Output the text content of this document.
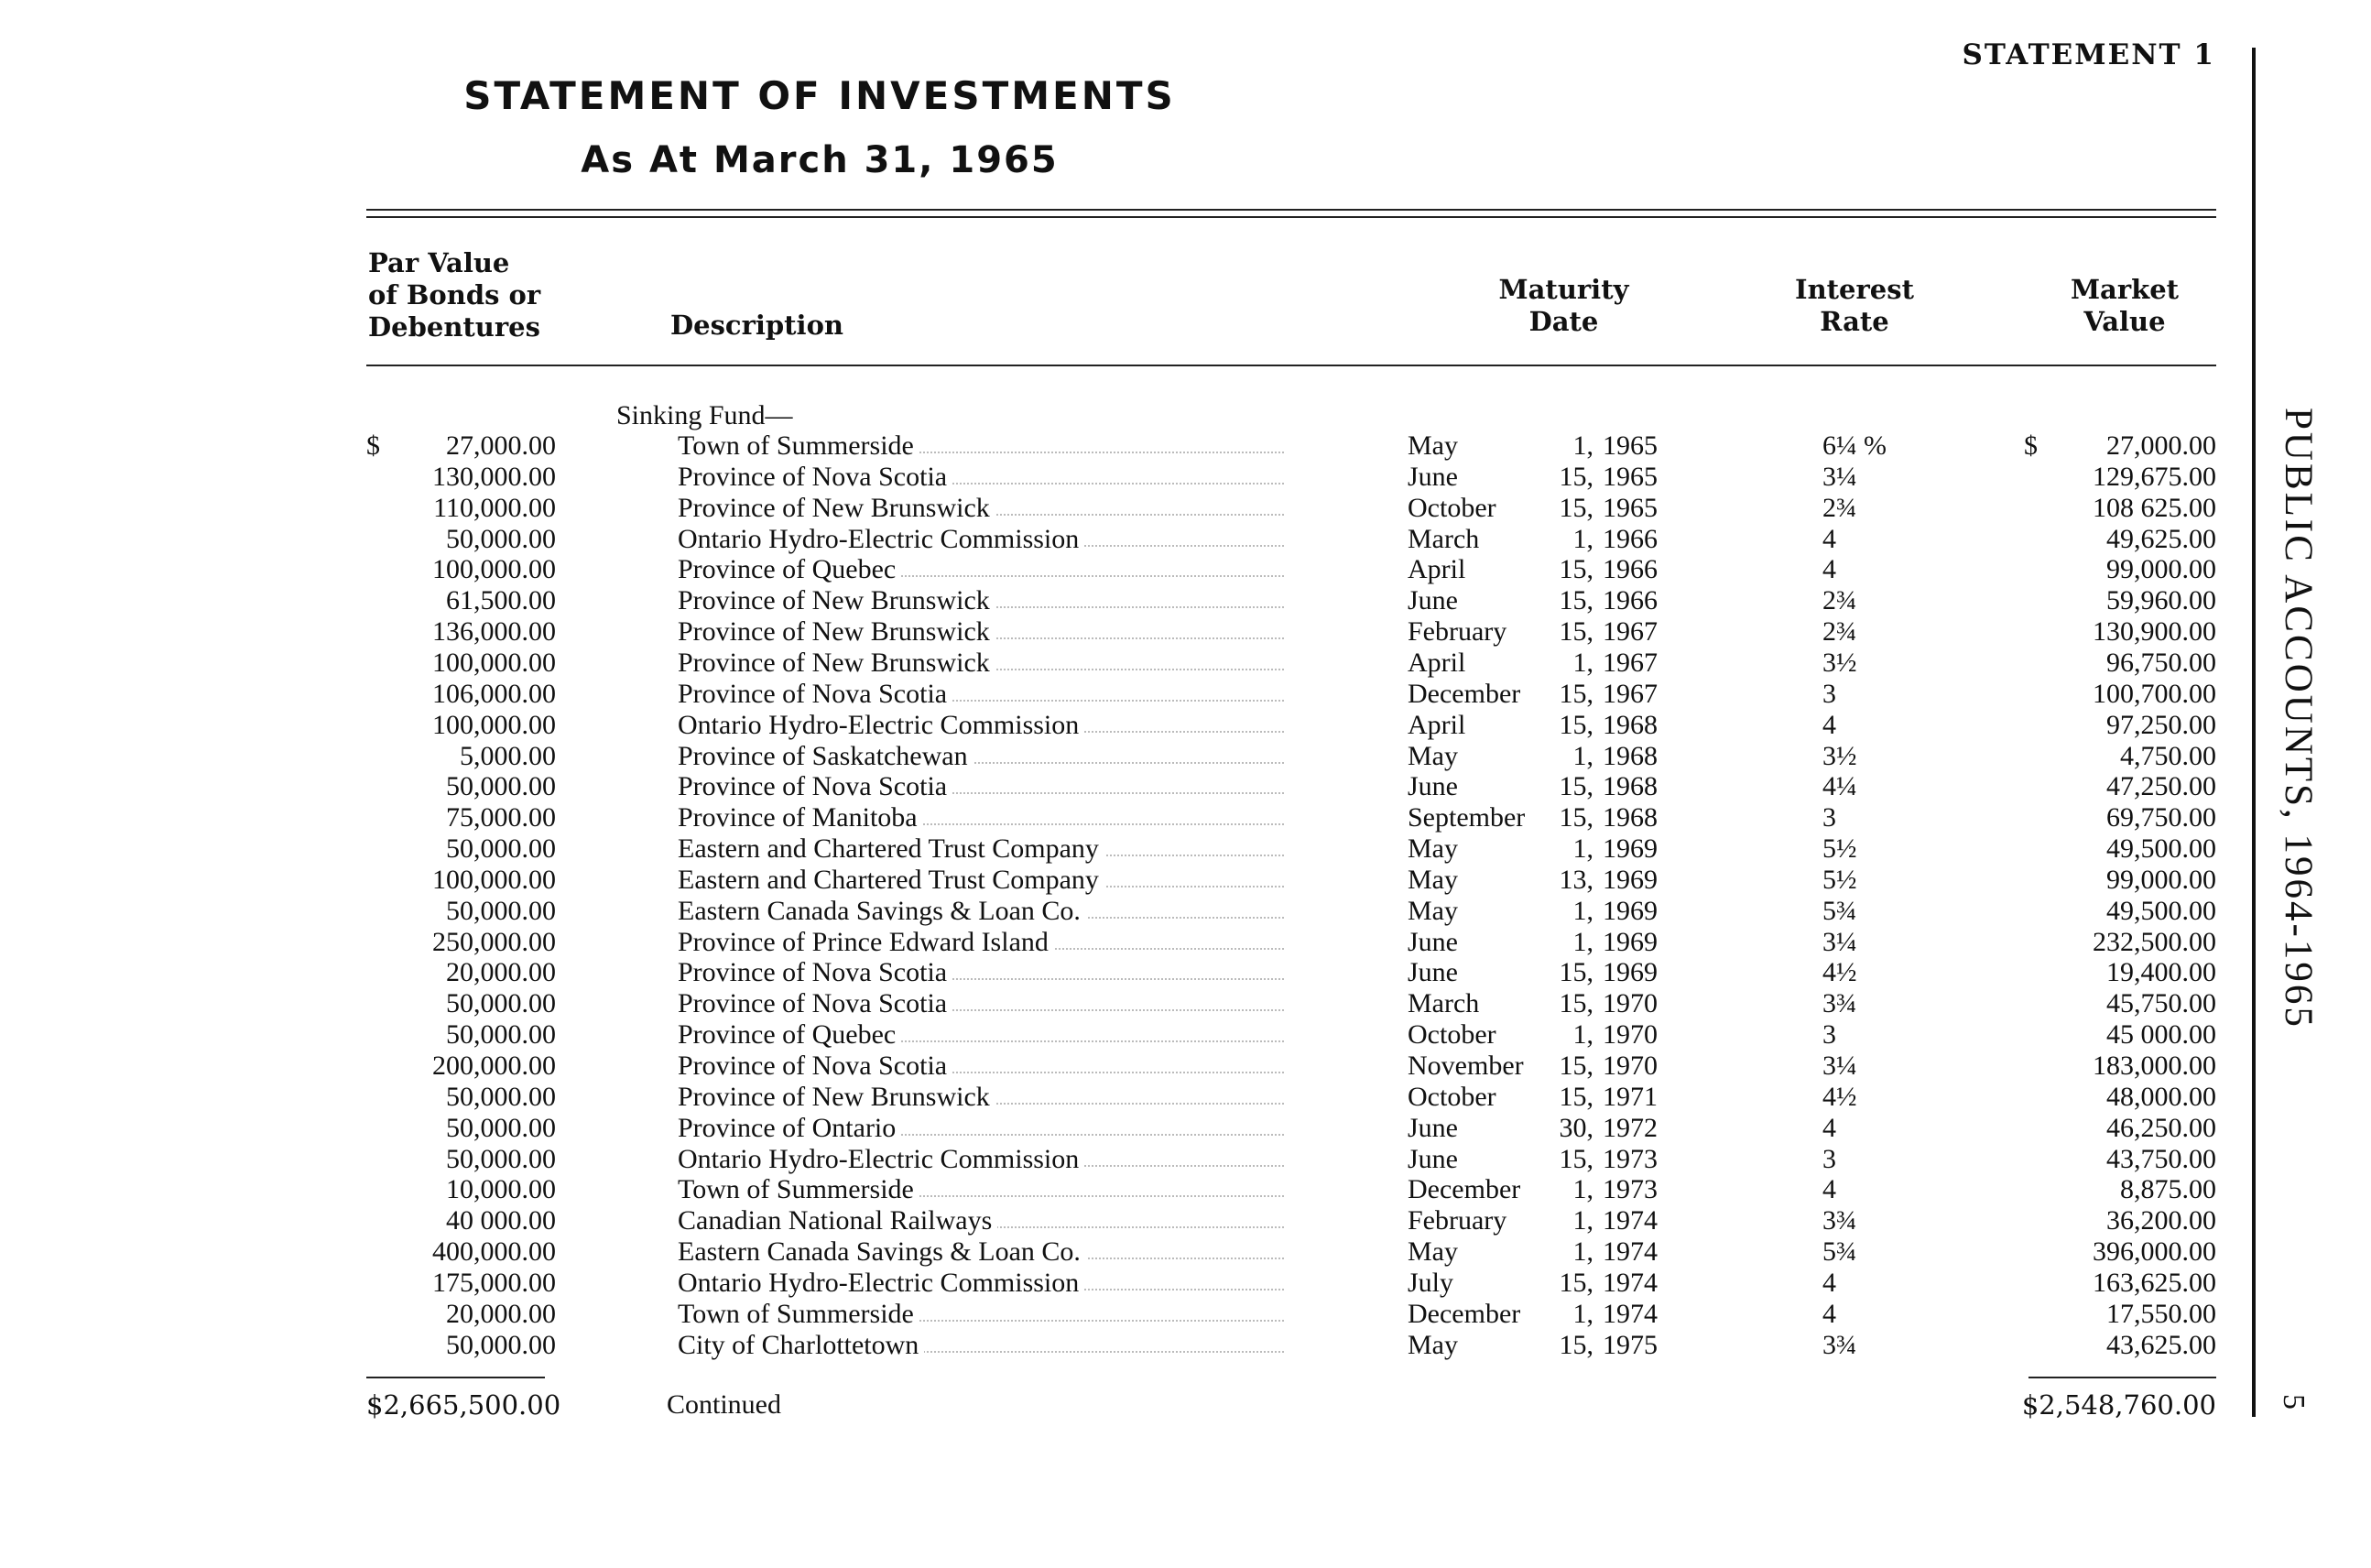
STATEMENT 1
STATEMENT OF INVESTMENTS
As At March 31, 1965
Par Value
of Bonds or
Debentures	Description
Maturity
Date
Interest
Rate
Market
Value
Sinking Fund—
$	27,000.00	Town of Summerside	May	1, 1965	6¼ %	$	27,000.00
130,000.00	Province of Nova Scotia	June	15, 1965	3¼	129,675.00
110,000.00	Province of New Brunswick	October 15, 1965	2¾	108 625.00
50,000.00	Ontario Hydro-Electric Commission	March	1, 1966	4	49,625.00
100,000.00	Province of Quebec	April	15, 1966	4	99,000.00
61,500.00	Province of New Brunswick	June	15, 1966	2¾	59,960.00
136,000.00	Province of New Brunswick	February 15, 1967	2¾	130,900.00
100,000.00	Province of New Brunswick	April	1, 1967	3½	96,750.00
106,000.00	Province of Nova Scotia	December 15, 1967	3	100,700.00
100,000.00	Ontario Hydro-Electric Commission	April	15, 1968	4	97,250.00
5,000.00	Province of Saskatchewan	May	1, 1968	3½	4,750.00
50,000.00	Province of Nova Scotia	June	15, 1968	4¼	47,250.00
75,000.00	Province of Manitoba	September 15, 1968	3	69,750.00
50,000.00	Eastern and Chartered Trust Company	May	1, 1969	5½	49,500.00
100,000.00	Eastern and Chartered Trust Company	May	13, 1969	5½	99,000.00
50,000.00	Eastern Canada Savings & Loan Co.	May	1, 1969	5¾	49,500.00
250,000.00	Province of Prince Edward Island	June	1, 1969	3¼	232,500.00
20,000.00	Province of Nova Scotia	June	15, 1969	4½	19,400.00
50,000.00	Province of Nova Scotia	March	15, 1970	3¾	45,750.00
50,000.00	Province of Quebec	October	1, 1970	3	45 000.00
200,000.00	Province of Nova Scotia	November 15, 1970	3¼	183,000.00
50,000.00	Province of New Brunswick	October 15, 1971	4½	48,000.00
50,000.00	Province of Ontario	June	30, 1972	4	46,250.00
50,000.00	Ontario Hydro-Electric Commission	June	15, 1973	3	43,750.00
10,000.00	Town of Summerside	December	1, 1973	4	8,875.00
40 000.00	Canadian National Railways	February	1, 1974	3¾	36,200.00
400,000.00	Eastern Canada Savings & Loan Co.	May	1, 1974	5¾	396,000.00
175,000.00	Ontario Hydro-Electric Commission	July	15, 1974	4	163,625.00
20,000.00	Town of Summerside	December	1, 1974	4	17,550.00
50,000.00	City of Charlottetown	May	15, 1975	3¾	43,625.00
$2,665,500.00	Continued	$2,548,760.00
PUBLIC ACCOUNTS, 1964-1965
5
